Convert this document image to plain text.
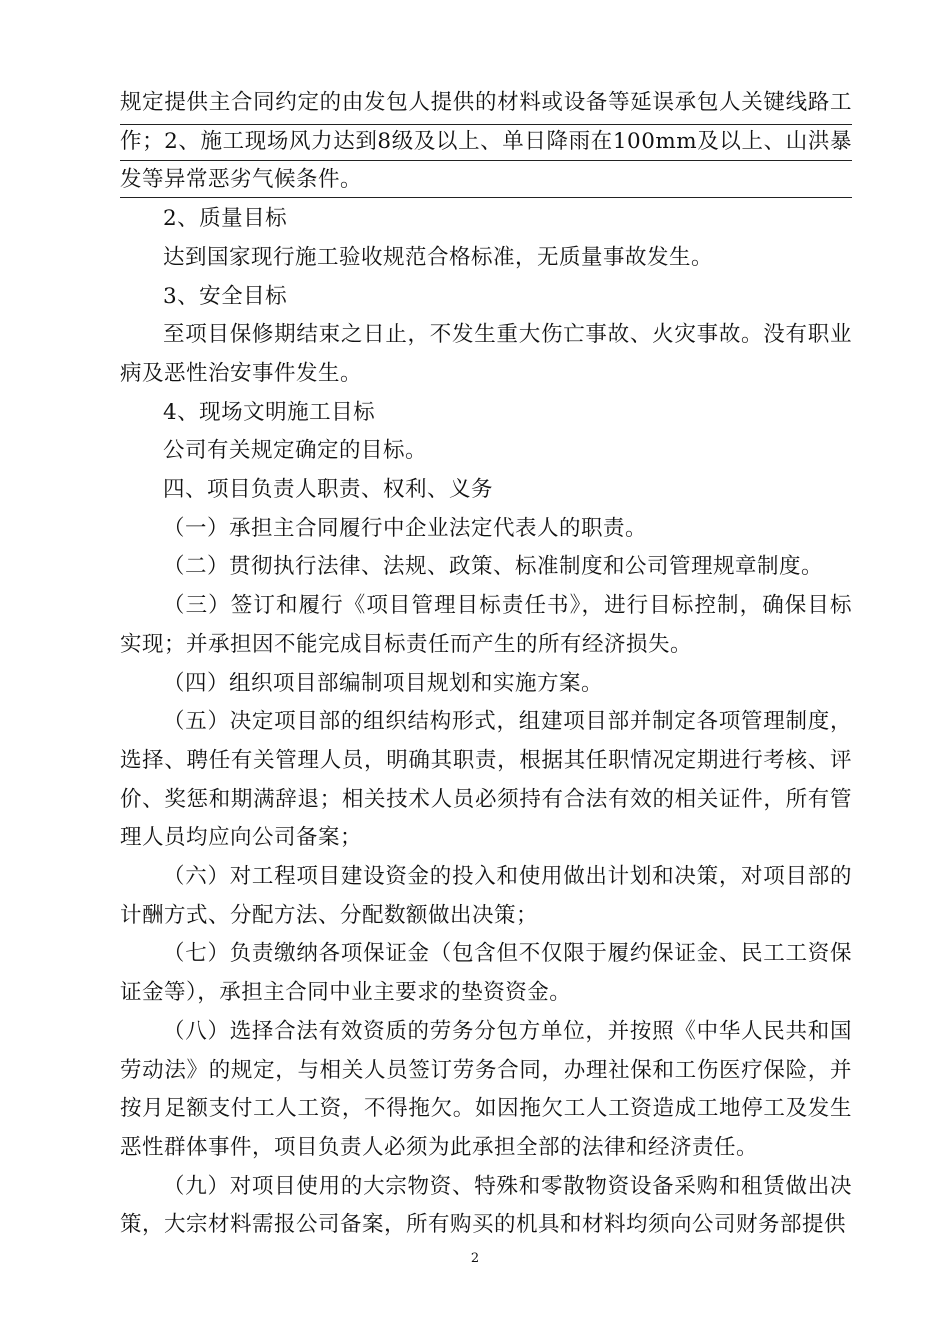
规定提供主合同约定的由发包人提供的材料或设备等延误承包人关键线路工作；2、施工现场风力达到8级及以上、单日降雨在100mm及以上、山洪暴发等异常恶劣气候条件。

2、质量目标

达到国家现行施工验收规范合格标准，无质量事故发生。

3、安全目标

至项目保修期结束之日止，不发生重大伤亡事故、火灾事故。没有职业病及恶性治安事件发生。

4、现场文明施工目标

公司有关规定确定的目标。

四、项目负责人职责、权利、义务

（一）承担主合同履行中企业法定代表人的职责。

（二）贯彻执行法律、法规、政策、标准制度和公司管理规章制度。

（三）签订和履行《项目管理目标责任书》，进行目标控制，确保目标实现；并承担因不能完成目标责任而产生的所有经济损失。

（四）组织项目部编制项目规划和实施方案。

（五）决定项目部的组织结构形式，组建项目部并制定各项管理制度，选择、聘任有关管理人员，明确其职责，根据其任职情况定期进行考核、评价、奖惩和期满辞退；相关技术人员必须持有合法有效的相关证件，所有管理人员均应向公司备案；

（六）对工程项目建设资金的投入和使用做出计划和决策，对项目部的计酬方式、分配方法、分配数额做出决策；

（七）负责缴纳各项保证金（包含但不仅限于履约保证金、民工工资保证金等），承担主合同中业主要求的垫资资金。

（八）选择合法有效资质的劳务分包方单位，并按照《中华人民共和国劳动法》的规定，与相关人员签订劳务合同，办理社保和工伤医疗保险，并按月足额支付工人工资，不得拖欠。如因拖欠工人工资造成工地停工及发生恶性群体事件，项目负责人必须为此承担全部的法律和经济责任。

（九）对项目使用的大宗物资、特殊和零散物资设备采购和租赁做出决策，大宗材料需报公司备案，所有购买的机具和材料均须向公司财务部提供

2
